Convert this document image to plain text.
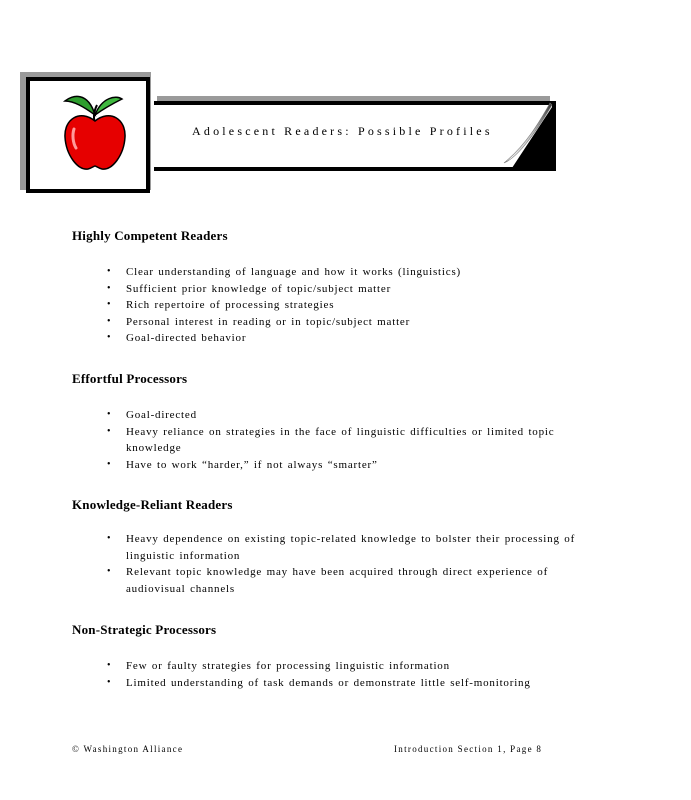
Adolescent Readers: Possible Profiles
Highly Competent Readers
• Clear understanding of language and how it works (linguistics)
• Sufficient prior knowledge of topic/subject matter
• Rich repertoire of processing strategies
• Personal interest in reading or in topic/subject matter
• Goal-directed behavior
Effortful Processors
• Goal-directed
• Heavy reliance on strategies in the face of linguistic difficulties or limited topic knowledge
• Have to work “harder,” if not always “smarter”
Knowledge-Reliant Readers
• Heavy dependence on existing topic-related knowledge to bolster their processing of linguistic information
• Relevant topic knowledge may have been acquired through direct experience of audiovisual channels
Non-Strategic Processors
• Few or faulty strategies for processing linguistic information
• Limited understanding of task demands or demonstrate little self-monitoring
© Washington Alliance	Introduction Section 1, Page 8
